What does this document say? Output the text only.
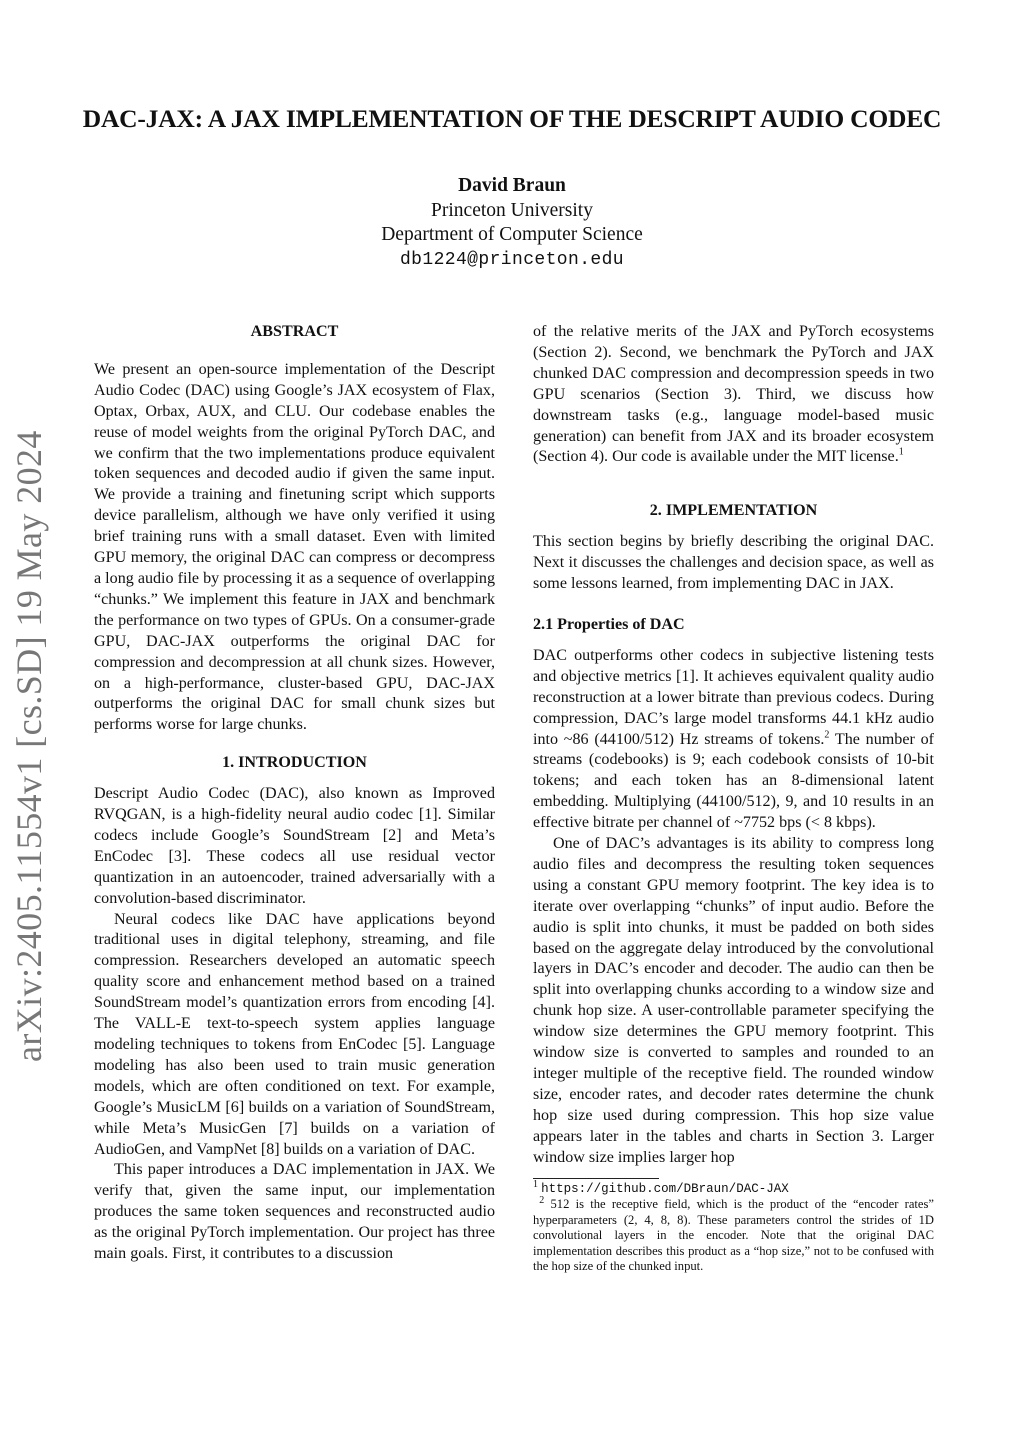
arXiv:2405.11554v1 [cs.SD] 19 May 2024
DAC-JAX: A JAX IMPLEMENTATION OF THE DESCRIPT AUDIO CODEC
David Braun
Princeton University
Department of Computer Science
db1224@princeton.edu
ABSTRACT

We present an open-source implementation of the Descript Audio Codec (DAC) using Google’s JAX ecosystem of Flax, Optax, Orbax, AUX, and CLU. Our codebase enables the reuse of model weights from the original PyTorch DAC, and we confirm that the two implementations produce equivalent token sequences and decoded audio if given the same input. We provide a training and finetuning script which supports device parallelism, although we have only verified it using brief training runs with a small dataset. Even with limited GPU memory, the original DAC can compress or decompress a long audio file by processing it as a sequence of overlapping “chunks.” We implement this feature in JAX and benchmark the performance on two types of GPUs. On a consumer-grade GPU, DAC-JAX outperforms the original DAC for compression and decompression at all chunk sizes. However, on a high-performance, cluster-based GPU, DAC-JAX outperforms the original DAC for small chunk sizes but performs worse for large chunks.

1. INTRODUCTION

Descript Audio Codec (DAC), also known as Improved RVQGAN, is a high-fidelity neural audio codec [1]. Similar codecs include Google’s SoundStream [2] and Meta’s EnCodec [3]. These codecs all use residual vector quantization in an autoencoder, trained adversarially with a convolution-based discriminator.

Neural codecs like DAC have applications beyond traditional uses in digital telephony, streaming, and file compression. Researchers developed an automatic speech quality score and enhancement method based on a trained SoundStream model’s quantization errors from encoding [4]. The VALL-E text-to-speech system applies language modeling techniques to tokens from EnCodec [5]. Language modeling has also been used to train music generation models, which are often conditioned on text. For example, Google’s MusicLM [6] builds on a variation of SoundStream, while Meta’s MusicGen [7] builds on a variation of AudioGen, and VampNet [8] builds on a variation of DAC.

This paper introduces a DAC implementation in JAX. We verify that, given the same input, our implementation produces the same token sequences and reconstructed audio as the original PyTorch implementation. Our project has three main goals. First, it contributes to a discussion

of the relative merits of the JAX and PyTorch ecosystems (Section 2). Second, we benchmark the PyTorch and JAX chunked DAC compression and decompression speeds in two GPU scenarios (Section 3). Third, we discuss how downstream tasks (e.g., language model-based music generation) can benefit from JAX and its broader ecosystem (Section 4). Our code is available under the MIT license.$^1$

2. IMPLEMENTATION

This section begins by briefly describing the original DAC. Next it discusses the challenges and decision space, as well as some lessons learned, from implementing DAC in JAX.

2.1 Properties of DAC

DAC outperforms other codecs in subjective listening tests and objective metrics [1]. It achieves equivalent quality audio reconstruction at a lower bitrate than previous codecs. During compression, DAC’s large model transforms 44.1 kHz audio into ~86 (44100/512) Hz streams of tokens.$^2$ The number of streams (codebooks) is 9; each codebook consists of 10-bit tokens; and each token has an 8-dimensional latent embedding. Multiplying (44100/512), 9, and 10 results in an effective bitrate per channel of ~7752 bps (< 8 kbps).

One of DAC’s advantages is its ability to compress long audio files and decompress the resulting token sequences using a constant GPU memory footprint. The key idea is to iterate over overlapping “chunks” of input audio. Before the audio is split into chunks, it must be padded on both sides based on the aggregate delay introduced by the convolutional layers in DAC’s encoder and decoder. The audio can then be split into overlapping chunks according to a window size and chunk hop size. A user-controllable parameter specifying the window size determines the GPU memory footprint. This window size is converted to samples and rounded to an integer multiple of the receptive field. The rounded window size, encoder rates, and decoder rates determine the chunk hop size used during compression. This hop size value appears later in the tables and charts in Section 3. Larger window size implies larger hop

$^1$ https://github.com/DBraun/DAC-JAX
$^2$ 512 is the receptive field, which is the product of the “encoder rates” hyperparameters (2, 4, 8, 8). These parameters control the strides of 1D convolutional layers in the encoder. Note that the original DAC implementation describes this product as a “hop size,” not to be confused with the hop size of the chunked input.
